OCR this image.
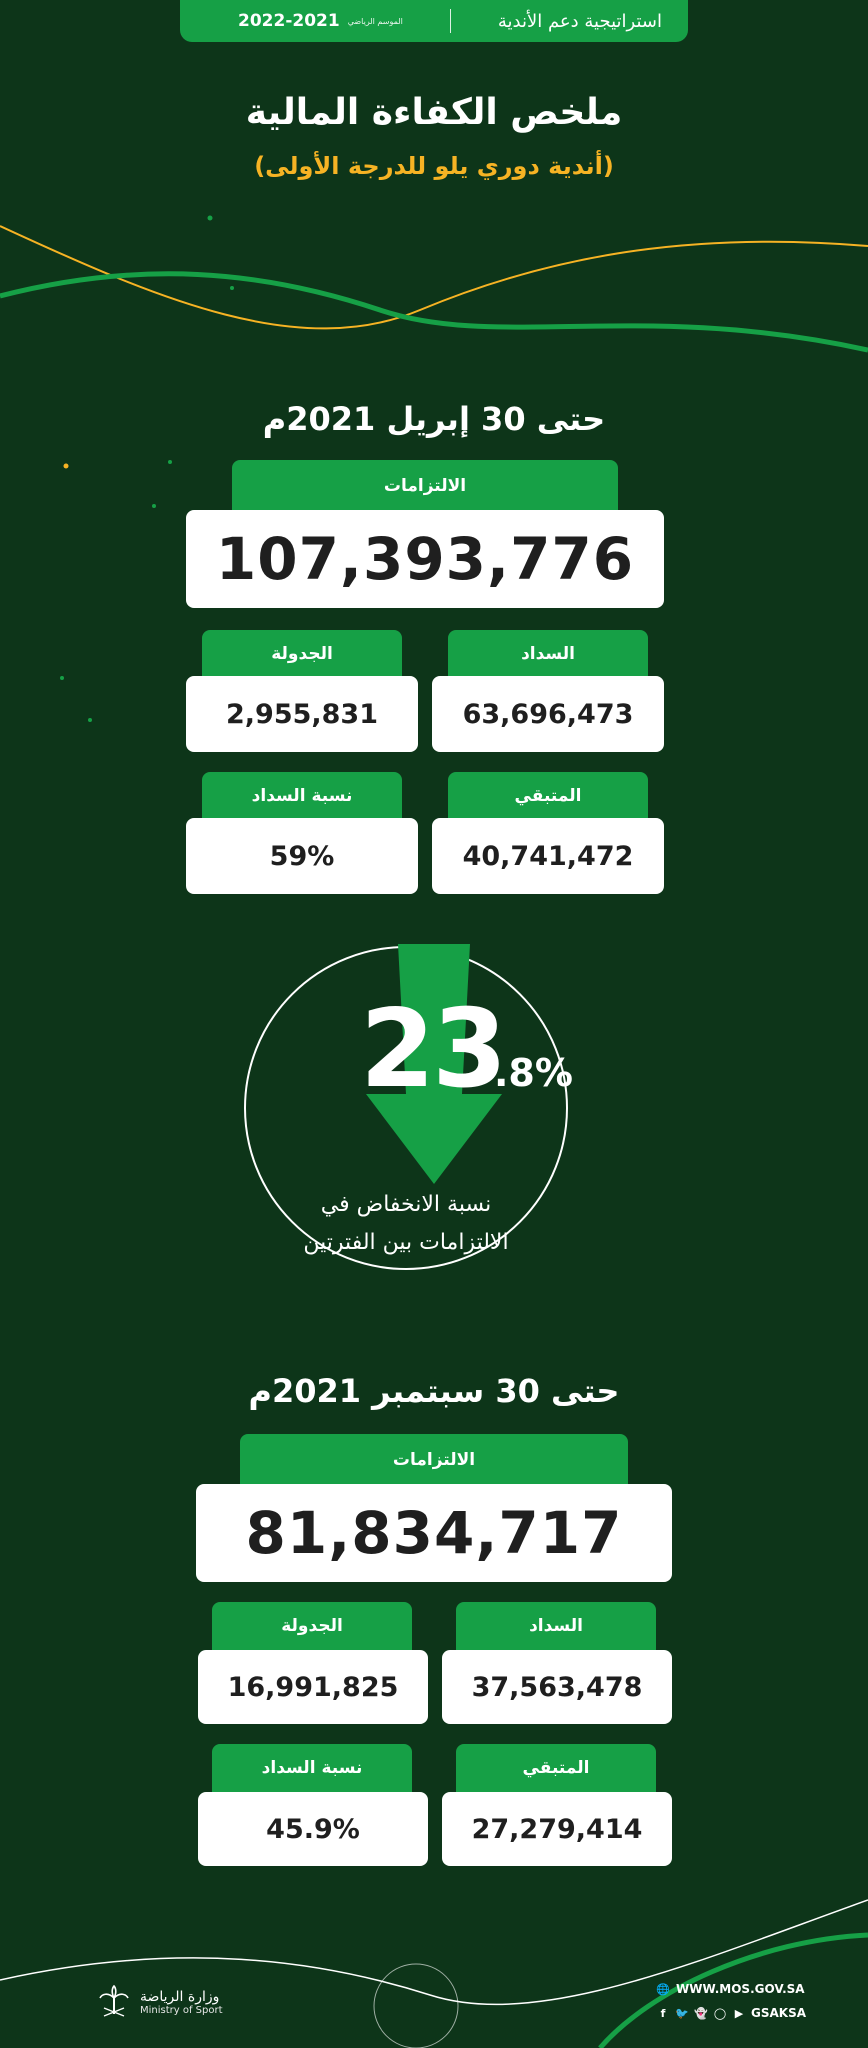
2022-2021 الموسم الرياضي	استراتيجية دعم الأندية
ملخص الكفاءة المالية
(أندية دوري يلو للدرجة الأولى)
حتى 30 إبريل 2021م
الالتزامات
107,393,776
السداد
63,696,473
الجدولة
2,955,831
المتبقي
40,741,472
نسبة السداد
59%
23
.8%
نسبة الانخفاض في
الالتزامات بين الفترتين
حتى 30 سبتمبر 2021م
الالتزامات
81,834,717
السداد
37,563,478
الجدولة
16,991,825
المتبقي
27,279,414
نسبة السداد
45.9%
وزارة الرياضة
Ministry of Sport
🌐 WWW.MOS.GOV.SA
f 🐦 👻 ◯ ▶ GSAKSA
